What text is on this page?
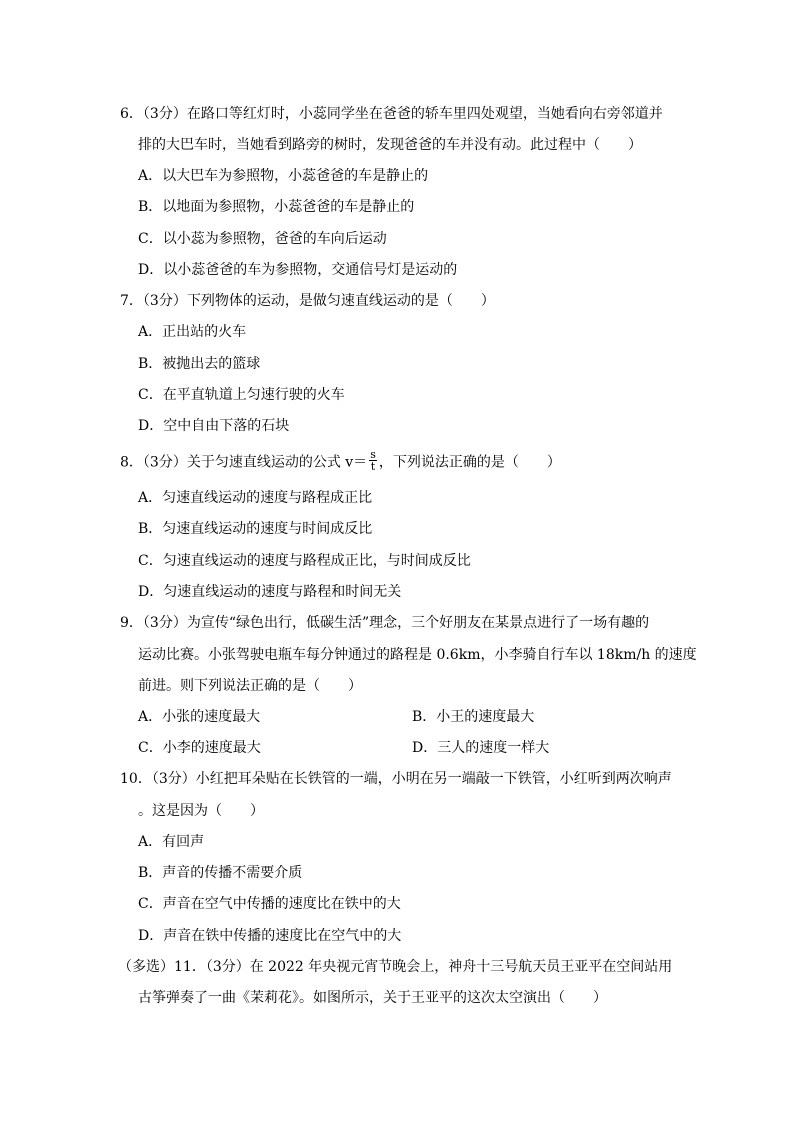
6．（3分）在路口等红灯时，小蕊同学坐在爸爸的轿车里四处观望，当她看向右旁邻道并
排的大巴车时，当她看到路旁的树时，发现爸爸的车并没有动。此过程中（　　）
A．以大巴车为参照物，小蕊爸爸的车是静止的
B．以地面为参照物，小蕊爸爸的车是静止的
C．以小蕊为参照物，爸爸的车向后运动
D．以小蕊爸爸的车为参照物，交通信号灯是运动的
7．（3分）下列物体的运动，是做匀速直线运动的是（　　）
A．正出站的火车
B．被抛出去的篮球
C．在平直轨道上匀速行驶的火车
D．空中自由下落的石块
8．（3分）关于匀速直线运动的公式 $v= \frac{s}{t}$ ，下列说法正确的是（　　）
A．匀速直线运动的速度与路程成正比
B．匀速直线运动的速度与时间成反比
C．匀速直线运动的速度与路程成正比，与时间成反比
D．匀速直线运动的速度与路程和时间无关
9．（3分）为宣传“绿色出行，低碳生活”理念，三个好朋友在某景点进行了一场有趣的
运动比赛。小张驾驶电瓶车每分钟通过的路程是 0.6km，小李骑自行车以 18km/h 的速度
前进。则下列说法正确的是（　　）
A．小张的速度最大	B．小王的速度最大
C．小李的速度最大	D．三人的速度一样大
10．（3分）小红把耳朵贴在长铁管的一端，小明在另一端敲一下铁管，小红听到两次响声
。这是因为（　　）
A．有回声
B．声音的传播不需要介质
C．声音在空气中传播的速度比在铁中的大
D．声音在铁中传播的速度比在空气中的大
（多选）11．（3分）在 2022 年央视元宵节晚会上，神舟十三号航天员王亚平在空间站用
古筝弹奏了一曲《茉莉花》。如图所示，关于王亚平的这次太空演出（　　）
